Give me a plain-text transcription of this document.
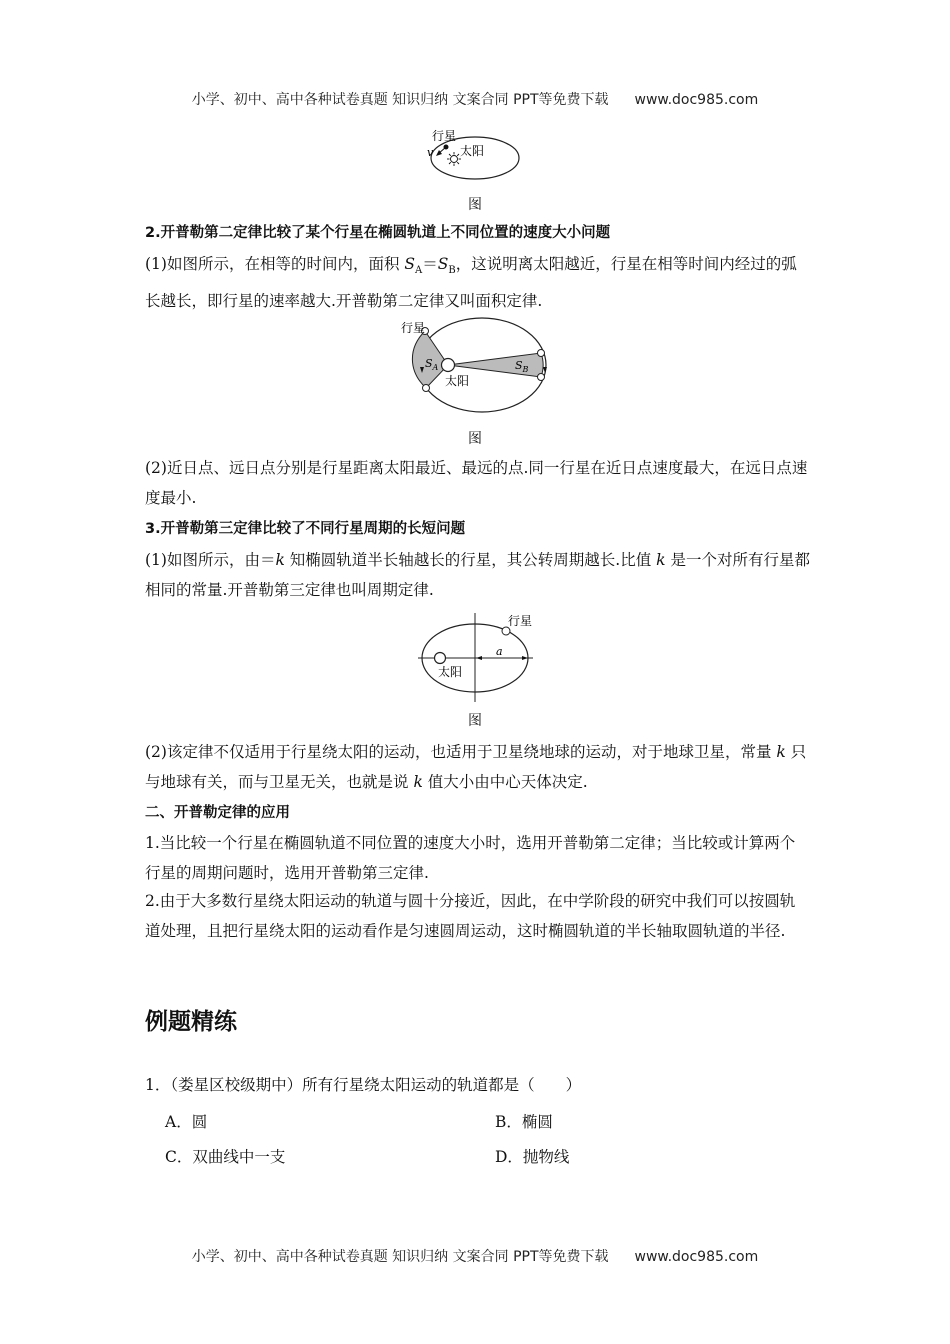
小学、初中、高中各种试卷真题 知识归纳 文案合同 PPT等免费下载 www.doc985.com
行星
太阳
v
图
2.开普勒第二定律比较了某个行星在椭圆轨道上不同位置的速度大小问题
(1)如图所示，在相等的时间内，面积 $S_A=S_B$，这说明离太阳越近，行星在相等时间内经过的弧长越长，即行星的速率越大.开普勒第二定律又叫面积定律.
行星
太阳
$S_A$	$S_B$
图
(2)近日点、远日点分别是行星距离太阳最近、最远的点.同一行星在近日点速度最大，在远日点速度最小.
3.开普勒第三定律比较了不同行星周期的长短问题
(1)如图所示，由＝k 知椭圆轨道半长轴越长的行星，其公转周期越长.比值 k 是一个对所有行星都相同的常量.开普勒第三定律也叫周期定律.
行星
太阳
a
图
(2)该定律不仅适用于行星绕太阳的运动，也适用于卫星绕地球的运动，对于地球卫星，常量 k 只与地球有关，而与卫星无关，也就是说 k 值大小由中心天体决定.
二、开普勒定律的应用
1.当比较一个行星在椭圆轨道不同位置的速度大小时，选用开普勒第二定律；当比较或计算两个行星的周期问题时，选用开普勒第三定律.
2.由于大多数行星绕太阳运动的轨道与圆十分接近，因此，在中学阶段的研究中我们可以按圆轨道处理，且把行星绕太阳的运动看作是匀速圆周运动，这时椭圆轨道的半长轴取圆轨道的半径.
例题精练
1．（娄星区校级期中）所有行星绕太阳运动的轨道都是（　　）
A．圆	B．椭圆
C．双曲线中一支	D．抛物线
小学、初中、高中各种试卷真题 知识归纳 文案合同 PPT等免费下载 www.doc985.com
